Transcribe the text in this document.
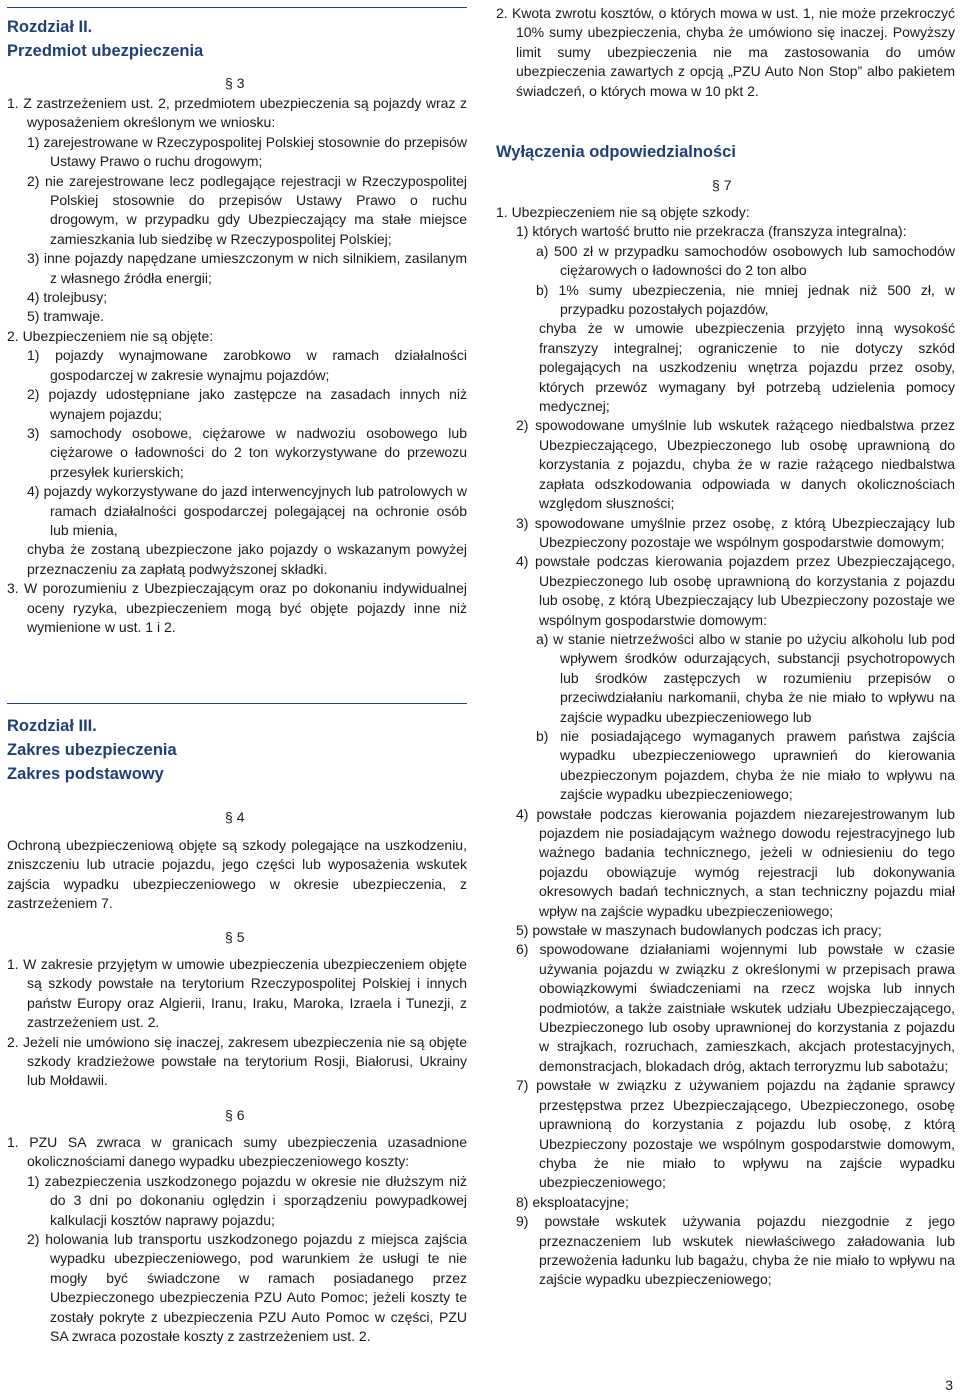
Rozdział II.
Przedmiot ubezpieczenia
§ 3
1. Z zastrzeżeniem ust. 2, przedmiotem ubezpieczenia są pojazdy wraz z wyposażeniem określonym we wniosku:
1) zarejestrowane w Rzeczypospolitej Polskiej stosownie do przepisów Ustawy Prawo o ruchu drogowym;
2) nie zarejestrowane lecz podlegające rejestracji w Rzeczypospolitej Polskiej stosownie do przepisów Ustawy Prawo o ruchu drogowym, w przypadku gdy Ubezpieczający ma stałe miejsce zamieszkania lub siedzibę w Rzeczypospolitej Polskiej;
3) inne pojazdy napędzane umieszczonym w nich silnikiem, zasilanym z własnego źródła energii;
4) trolejbusy;
5) tramwaje.
2. Ubezpieczeniem nie są objęte:
1) pojazdy wynajmowane zarobkowo w ramach działalności gospodarczej w zakresie wynajmu pojazdów;
2) pojazdy udostępniane jako zastępcze na zasadach innych niż wynajem pojazdu;
3) samochody osobowe, ciężarowe w nadwoziu osobowego lub ciężarowe o ładowności do 2 ton wykorzystywane do przewozu przesyłek kurierskich;
4) pojazdy wykorzystywane do jazd interwencyjnych lub patrolowych w ramach działalności gospodarczej polegającej na ochronie osób lub mienia,
chyba że zostaną ubezpieczone jako pojazdy o wskazanym powyżej przeznaczeniu za zapłatą podwyższonej składki.
3. W porozumieniu z Ubezpieczającym oraz po dokonaniu indywidualnej oceny ryzyka, ubezpieczeniem mogą być objęte pojazdy inne niż wymienione w ust. 1 i 2.
Rozdział III.
Zakres ubezpieczenia
Zakres podstawowy
§ 4
Ochroną ubezpieczeniową objęte są szkody polegające na uszkodzeniu, zniszczeniu lub utracie pojazdu, jego części lub wyposażenia wskutek zajścia wypadku ubezpieczeniowego w okresie ubezpieczenia, z zastrzeżeniem 7.
§ 5
1. W zakresie przyjętym w umowie ubezpieczenia ubezpieczeniem objęte są szkody powstałe na terytorium Rzeczypospolitej Polskiej i innych państw Europy oraz Algierii, Iranu, Iraku, Maroka, Izraela i Tunezji, z zastrzeżeniem ust. 2.
2. Jeżeli nie umówiono się inaczej, zakresem ubezpieczenia nie są objęte szkody kradzieżowe powstałe na terytorium Rosji, Białorusi, Ukrainy lub Mołdawii.
§ 6
1. PZU SA zwraca w granicach sumy ubezpieczenia uzasadnione okolicznościami danego wypadku ubezpieczeniowego koszty:
1) zabezpieczenia uszkodzonego pojazdu w okresie nie dłuższym niż do 3 dni po dokonaniu oględzin i sporządzeniu powypadkowej kalkulacji kosztów naprawy pojazdu;
2) holowania lub transportu uszkodzonego pojazdu z miejsca zajścia wypadku ubezpieczeniowego, pod warunkiem że usługi te nie mogły być świadczone w ramach posiadanego przez Ubezpieczonego ubezpieczenia PZU Auto Pomoc; jeżeli koszty te zostały pokryte z ubezpieczenia PZU Auto Pomoc w części, PZU SA zwraca pozostałe koszty z zastrzeżeniem ust. 2.
2. Kwota zwrotu kosztów, o których mowa w ust. 1, nie może przekroczyć 10% sumy ubezpieczenia, chyba że umówiono się inaczej. Powyższy limit sumy ubezpieczenia nie ma zastosowania do umów ubezpieczenia zawartych z opcją „PZU Auto Non Stop” albo pakietem świadczeń, o których mowa w 10 pkt 2.
Wyłączenia odpowiedzialności
§ 7
1. Ubezpieczeniem nie są objęte szkody:
1) których wartość brutto nie przekracza (franszyza integralna):
a) 500 zł w przypadku samochodów osobowych lub samochodów ciężarowych o ładowności do 2 ton albo
b) 1% sumy ubezpieczenia, nie mniej jednak niż 500 zł, w przypadku pozostałych pojazdów,
chyba że w umowie ubezpieczenia przyjęto inną wysokość franszyzy integralnej; ograniczenie to nie dotyczy szkód polegających na uszkodzeniu wnętrza pojazdu przez osoby, których przewóz wymagany był potrzebą udzielenia pomocy medycznej;
2) spowodowane umyślnie lub wskutek rażącego niedbalstwa przez Ubezpieczającego, Ubezpieczonego lub osobę uprawnioną do korzystania z pojazdu, chyba że w razie rażącego niedbalstwa zapłata odszkodowania odpowiada w danych okolicznościach względom słuszności;
3) spowodowane umyślnie przez osobę, z którą Ubezpieczający lub Ubezpieczony pozostaje we wspólnym gospodarstwie domowym;
4) powstałe podczas kierowania pojazdem przez Ubezpieczającego, Ubezpieczonego lub osobę uprawnioną do korzystania z pojazdu lub osobę, z którą Ubezpieczający lub Ubezpieczony pozostaje we wspólnym gospodarstwie domowym:
a) w stanie nietrzeźwości albo w stanie po użyciu alkoholu lub pod wpływem środków odurzających, substancji psychotropowych lub środków zastępczych w rozumieniu przepisów o przeciwdziałaniu narkomanii, chyba że nie miało to wpływu na zajście wypadku ubezpieczeniowego lub
b) nie posiadającego wymaganych prawem państwa zajścia wypadku ubezpieczeniowego uprawnień do kierowania ubezpieczonym pojazdem, chyba że nie miało to wpływu na zajście wypadku ubezpieczeniowego;
4) powstałe podczas kierowania pojazdem niezarejestrowanym lub pojazdem nie posiadającym ważnego dowodu rejestracyjnego lub ważnego badania technicznego, jeżeli w odniesieniu do tego pojazdu obowiązuje wymóg rejestracji lub dokonywania okresowych badań technicznych, a stan techniczny pojazdu miał wpływ na zajście wypadku ubezpieczeniowego;
5) powstałe w maszynach budowlanych podczas ich pracy;
6) spowodowane działaniami wojennymi lub powstałe w czasie używania pojazdu w związku z określonymi w przepisach prawa obowiązkowymi świadczeniami na rzecz wojska lub innych podmiotów, a także zaistniałe wskutek udziału Ubezpieczającego, Ubezpieczonego lub osoby uprawnionej do korzystania z pojazdu w strajkach, rozruchach, zamieszkach, akcjach protestacyjnych, demonstracjach, blokadach dróg, aktach terroryzmu lub sabotażu;
7) powstałe w związku z używaniem pojazdu na żądanie sprawcy przestępstwa przez Ubezpieczającego, Ubezpieczonego, osobę uprawnioną do korzystania z pojazdu lub osobę, z którą Ubezpieczony pozostaje we wspólnym gospodarstwie domowym, chyba że nie miało to wpływu na zajście wypadku ubezpieczeniowego;
8) eksploatacyjne;
9) powstałe wskutek używania pojazdu niezgodnie z jego przeznaczeniem lub wskutek niewłaściwego załadowania lub przewożenia ładunku lub bagażu, chyba że nie miało to wpływu na zajście wypadku ubezpieczeniowego;
3
